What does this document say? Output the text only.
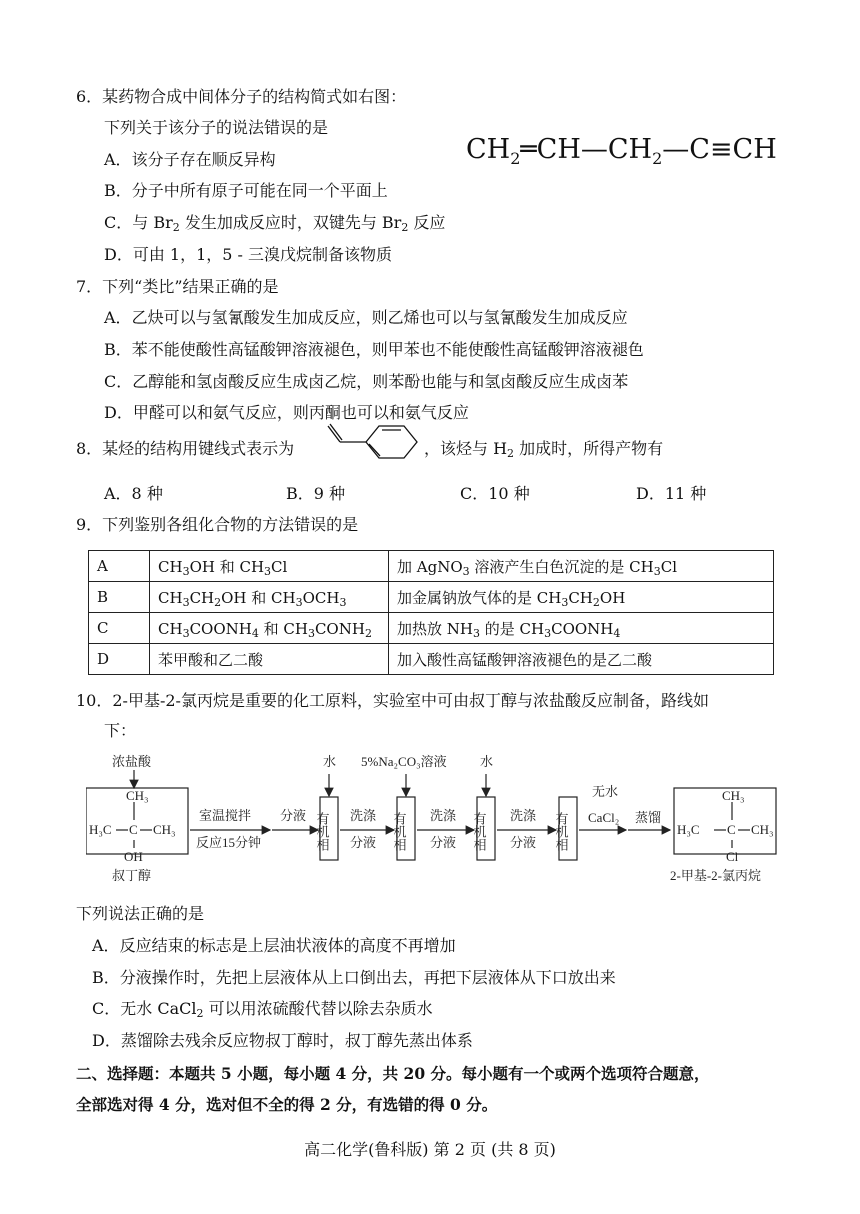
6．某药物合成中间体分子的结构简式如右图：
下列关于该分子的说法错误的是
$CH_2═CH—CH_2—C\equiv CH$
A．该分子存在顺反异构
B．分子中所有原子可能在同一个平面上
C．与 $Br_2$ 发生加成反应时，双键先与 $Br_2$ 反应
D．可由 1，1，5 - 三溴戊烷制备该物质
7．下列“类比”结果正确的是
A．乙炔可以与氢氰酸发生加成反应，则乙烯也可以与氢氰酸发生加成反应
B．苯不能使酸性高锰酸钾溶液褪色，则甲苯也不能使酸性高锰酸钾溶液褪色
C．乙醇能和氢卤酸反应生成卤乙烷，则苯酚也能与和氢卤酸反应生成卤苯
D．甲醛可以和氨气反应，则丙酮也可以和氨气反应
8．某烃的结构用键线式表示为	，该烃与 $H_2$ 加成时，所得产物有
A．8 种	B．9 种	C．10 种	D．11 种
9．下列鉴别各组化合物的方法错误的是
A	$CH_3OH$ 和 $CH_3Cl$	加 AgNO$_3$ 溶液产生白色沉淀的是 $CH_3Cl$
B	$CH_3CH_2OH$ 和 $CH_3OCH_3$	加金属钠放气体的是 $CH_3CH_2OH$
C	$CH_3COONH_4$ 和 $CH_3CONH_2$	加热放 $NH_3$ 的是 $CH_3COONH_4$
D	苯甲酸和乙二酸	加入酸性高锰酸钾溶液褪色的是乙二酸
10．2-甲基-2-氯丙烷是重要的化工原料，实验室中可由叔丁醇与浓盐酸反应制备，路线如
下：
浓盐酸
CH₃
H₃C C CH₃
OH
叔丁醇
室温搅拌
反应15分钟
分液 有机相
水
洗涤
分液 有机相
5%Na₂CO₃溶液
洗涤
分液 有机相
水
洗涤
分液 有机相
无水
CaCl₂ 蒸馏
CH₃
H₃C C CH₃
Cl
2-甲基-2-氯丙烷
下列说法正确的是
A．反应结束的标志是上层油状液体的高度不再增加
B．分液操作时，先把上层液体从上口倒出去，再把下层液体从下口放出来
C．无水 CaCl$_2$ 可以用浓硫酸代替以除去杂质水
D．蒸馏除去残余反应物叔丁醇时，叔丁醇先蒸出体系
二、选择题：本题共 5 小题，每小题 4 分，共 20 分。每小题有一个或两个选项符合题意，
全部选对得 4 分，选对但不全的得 2 分，有选错的得 0 分。
高二化学(鲁科版) 第 2 页 (共 8 页)
